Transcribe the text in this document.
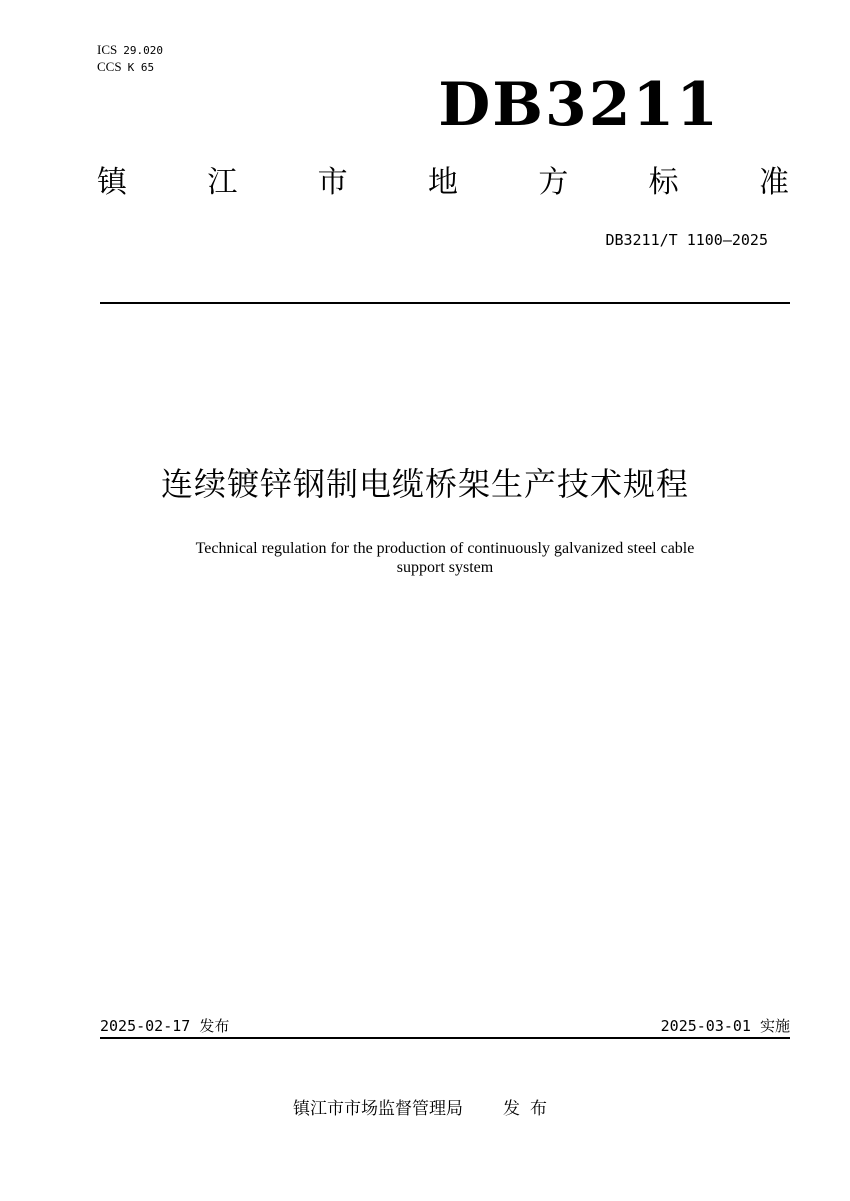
ICS 29.020
CCS K 65
DB3211
镇	江	市	地	方	标	准
DB3211/T 1100—2025
连续镀锌钢制电缆桥架生产技术规程
Technical regulation for the production of continuously galvanized steel cable
support system
2025-02-17 发布	2025-03-01 实施
镇江市市场监督管理局 发布
